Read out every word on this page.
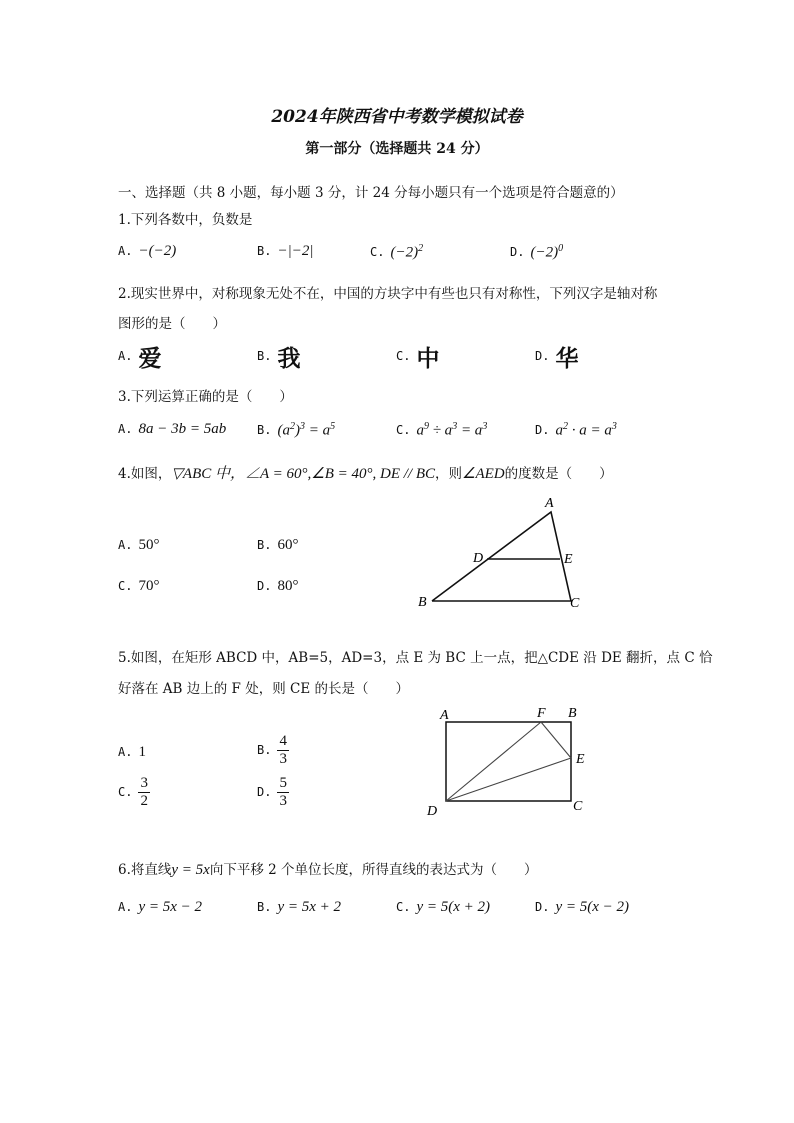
2024年陕西省中考数学模拟试卷
第一部分（选择题共 24 分）
一、选择题（共 8 小题，每小题 3 分，计 24 分每小题只有一个选项是符合题意的）
1.下列各数中，负数是
A. −(−2)	B. −|−2|	C. $(-2)^2$	D. $(-2)^0$
2.现实世界中，对称现象无处不在，中国的方块字中有些也只有对称性，下列汉字是轴对称
图形的是（　　）
A. 爱	B. 我	C. 中	D. 华
3.下列运算正确的是（　　）
A. 8a − 3b = 5ab	B. $(a^2)^3 = a^5$	C. $a^9 \div a^3 = a^3$	D. $a^2 \cdot a = a^3$
4.如图，▽ABC 中，∠A = 60°,∠B = 40°, DE // BC，则∠AED的度数是（　　）
A. 50°	B. 60°
C. 70°	D. 80°
A
B	C
D	E
5.如图，在矩形 ABCD 中，AB=5，AD=3，点 E 为 BC 上一点，把△CDE 沿 DE 翻折，点 C 恰
好落在 AB 边上的 F 处，则 CE 的长是（　　）
A. 1	B. $\frac{4}{3}$
C. $\frac{3}{2}$	D. $\frac{5}{3}$
A	F B
E
C
D
6.将直线y = 5x向下平移 2 个单位长度，所得直线的表达式为（　　）
A. y = 5x − 2	B. y = 5x + 2	C. y = 5(x + 2)	D. y = 5(x − 2)
